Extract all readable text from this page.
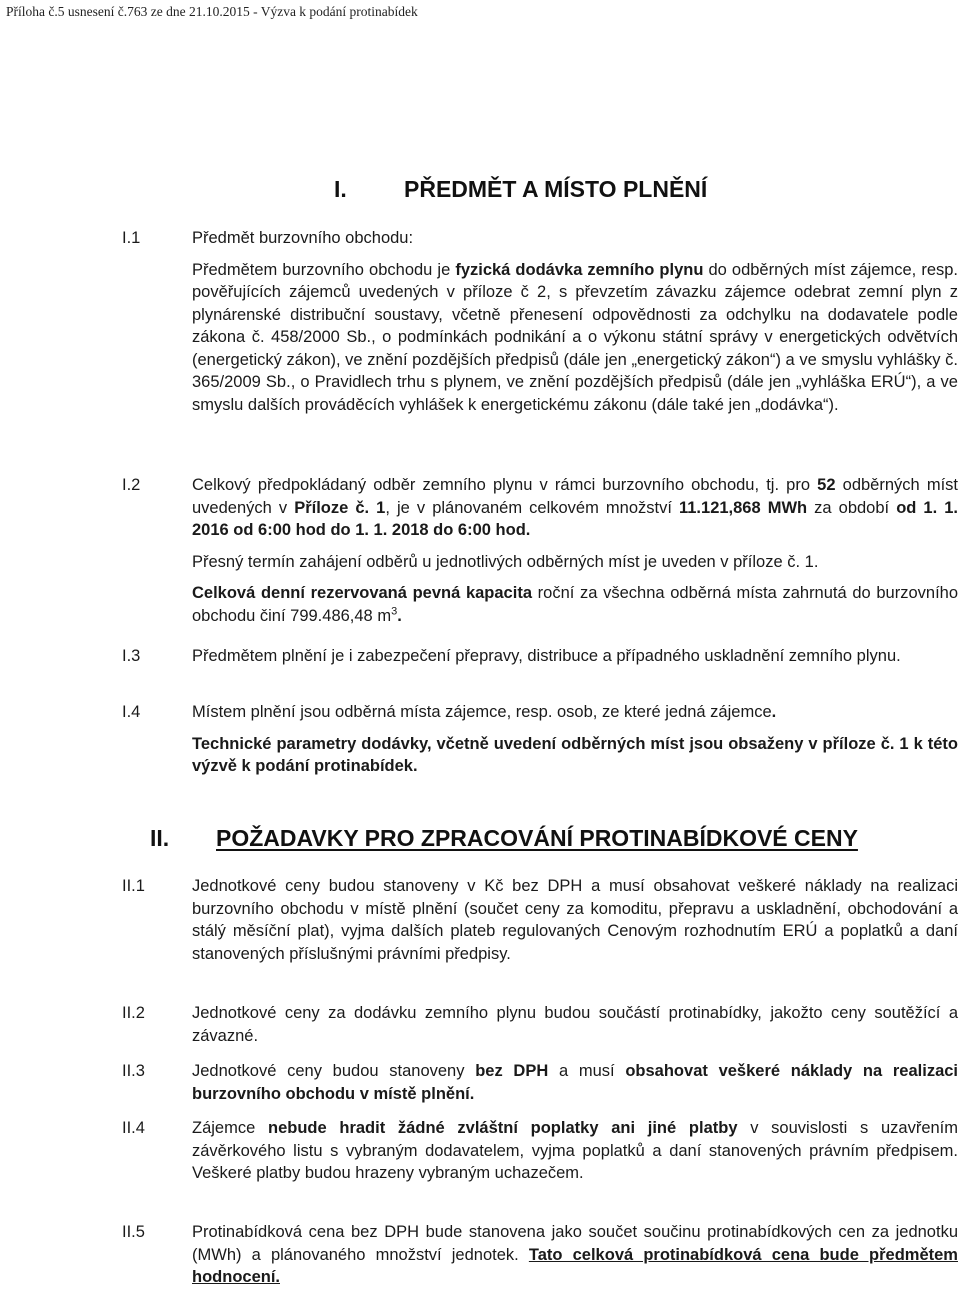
Příloha č.5 usnesení č.763 ze dne 21.10.2015 - Výzva k podání protinabídek
I. PŘEDMĚT A MÍSTO PLNĚNÍ
I.1	Předmět burzovního obchodu:

Předmětem burzovního obchodu je fyzická dodávka zemního plynu do odběrných míst zájemce, resp. pověřujících zájemců uvedených v příloze č 2, s převzetím závazku zájemce odebrat zemní plyn z plynárenské distribuční soustavy, včetně přenesení odpovědnosti za odchylku na dodavatele podle zákona č. 458/2000 Sb., o podmínkách podnikání a o výkonu státní správy v energetických odvětvích (energetický zákon), ve znění pozdějších předpisů (dále jen „energetický zákon“) a ve smyslu vyhlášky č. 365/2009 Sb., o Pravidlech trhu s plynem, ve znění pozdějších předpisů (dále jen „vyhláška ERÚ“), a ve smyslu dalších prováděcích vyhlášek k energetickému zákonu (dále také jen „dodávka“).

I.2	Celkový předpokládaný odběr zemního plynu v rámci burzovního obchodu, tj. pro 52 odběrných míst uvedených v Příloze č. 1, je v plánovaném celkovém množství 11.121,868 MWh za období od 1. 1. 2016 od 6:00 hod do 1. 1. 2018 do 6:00 hod.

Přesný termín zahájení odběrů u jednotlivých odběrných míst je uveden v příloze č. 1.

Celková denní rezervovaná pevná kapacita roční za všechna odběrná místa zahrnutá do burzovního obchodu činí 799.486,48 $m^3$.

I.3	Předmětem plnění je i zabezpečení přepravy, distribuce a případného uskladnění zemního plynu.

I.4	Místem plnění jsou odběrná místa zájemce, resp. osob, ze které jedná zájemce.

Technické parametry dodávky, včetně uvedení odběrných míst jsou obsaženy v příloze č. 1 k této výzvě k podání protinabídek.

II. POŽADAVKY PRO ZPRACOVÁNÍ PROTINABÍDKOVÉ CENY
II.1	Jednotkové ceny budou stanoveny v Kč bez DPH a musí obsahovat veškeré náklady na realizaci burzovního obchodu v místě plnění (součet ceny za komoditu, přepravu a uskladnění, obchodování a stálý měsíční plat), vyjma dalších plateb regulovaných Cenovým rozhodnutím ERÚ a poplatků a daní stanovených příslušnými právními předpisy.

II.2	Jednotkové ceny za dodávku zemního plynu budou součástí protinabídky, jakožto ceny soutěžící a závazné.

II.3	Jednotkové ceny budou stanoveny bez DPH a musí obsahovat veškeré náklady na realizaci burzovního obchodu v místě plnění.

II.4	Zájemce nebude hradit žádné zvláštní poplatky ani jiné platby v souvislosti s uzavřením závěrkového listu s vybraným dodavatelem, vyjma poplatků a daní stanovených právním předpisem. Veškeré platby budou hrazeny vybraným uchazečem.

II.5	Protinabídková cena bez DPH bude stanovena jako součet součinu protinabídkových cen za jednotku (MWh) a plánovaného množství jednotek. Tato celková protinabídková cena bude předmětem hodnocení.
